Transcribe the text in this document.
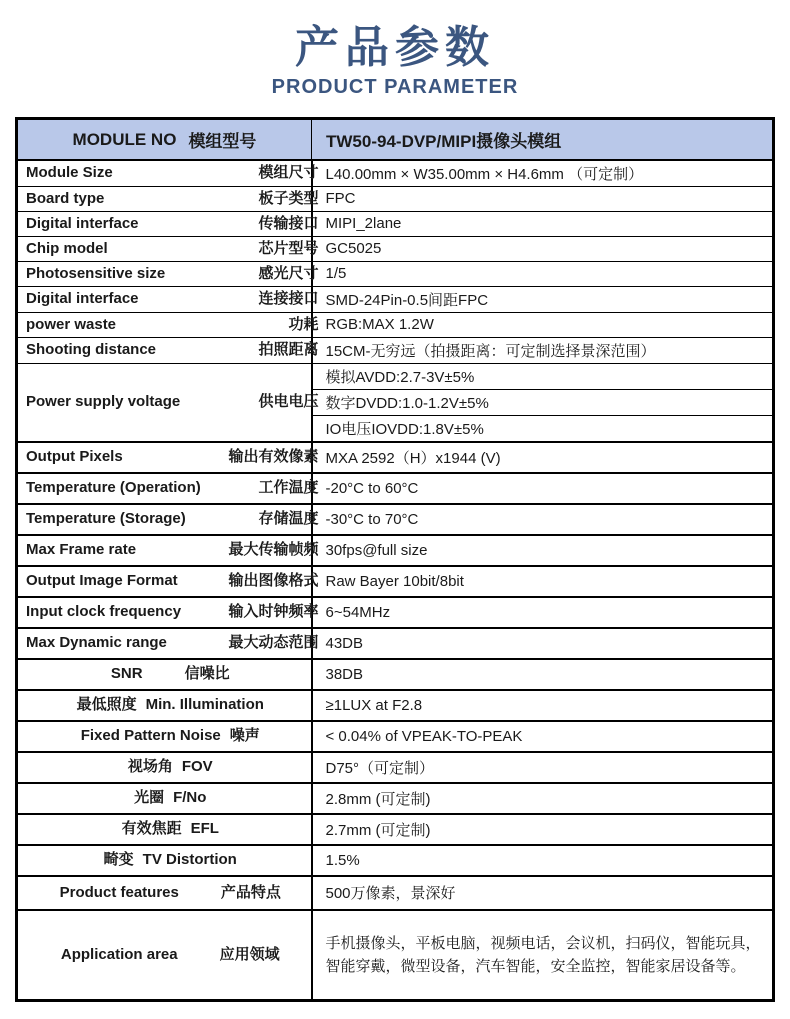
产品参数
PRODUCT PARAMETER
MODULE NO 模组型号	TW50-94-DVP/MIPI摄像头模组

Module Size 模组尺寸	L40.00mm × W35.00mm × H4.6mm （可定制）

Board type 板子类型	FPC

Digital interface 传输接口	MIPI_2lane

Chip model 芯片型号	GC5025

Photosensitive size 感光尺寸	1/5

Digital interface 连接接口	SMD-24Pin-0.5间距FPC

power waste 功耗	RGB:MAX 1.2W

Shooting distance 拍照距离	15CM-无穷远（拍摄距离：可定制选择景深范围）

Power supply voltage 供电电压	模拟AVDD:2.7-3V±5%
	数字DVDD:1.0-1.2V±5%
	IO电压IOVDD:1.8V±5%

Output Pixels 输出有效像素	MXA 2592（H）x1944 (V)

Temperature (Operation) 工作温度	-20°C to 60°C

Temperature (Storage) 存储温度	-30°C to 70°C

Max Frame rate 最大传输帧频	30fps@full size

Output Image Format 输出图像格式	Raw Bayer 10bit/8bit

Input clock frequency 输入时钟频率	6~54MHz

Max Dynamic range 最大动态范围	43DB

SNR 信噪比	38DB

最低照度 Min. Illumination	≥1LUX at F2.8

Fixed Pattern Noise 噪声	< 0.04% of VPEAK-TO-PEAK

视场角 FOV	D75°（可定制）

光圈 F/No	2.8mm (可定制)

有效焦距 EFL	2.7mm (可定制)

畸变 TV Distortion	1.5%

Product features 产品特点	500万像素，景深好

Application area 应用领域	手机摄像头，平板电脑，视频电话，会议机，扫码仪，智能玩具，智能穿戴，微型设备，汽车智能，安全监控，智能家居设备等。
